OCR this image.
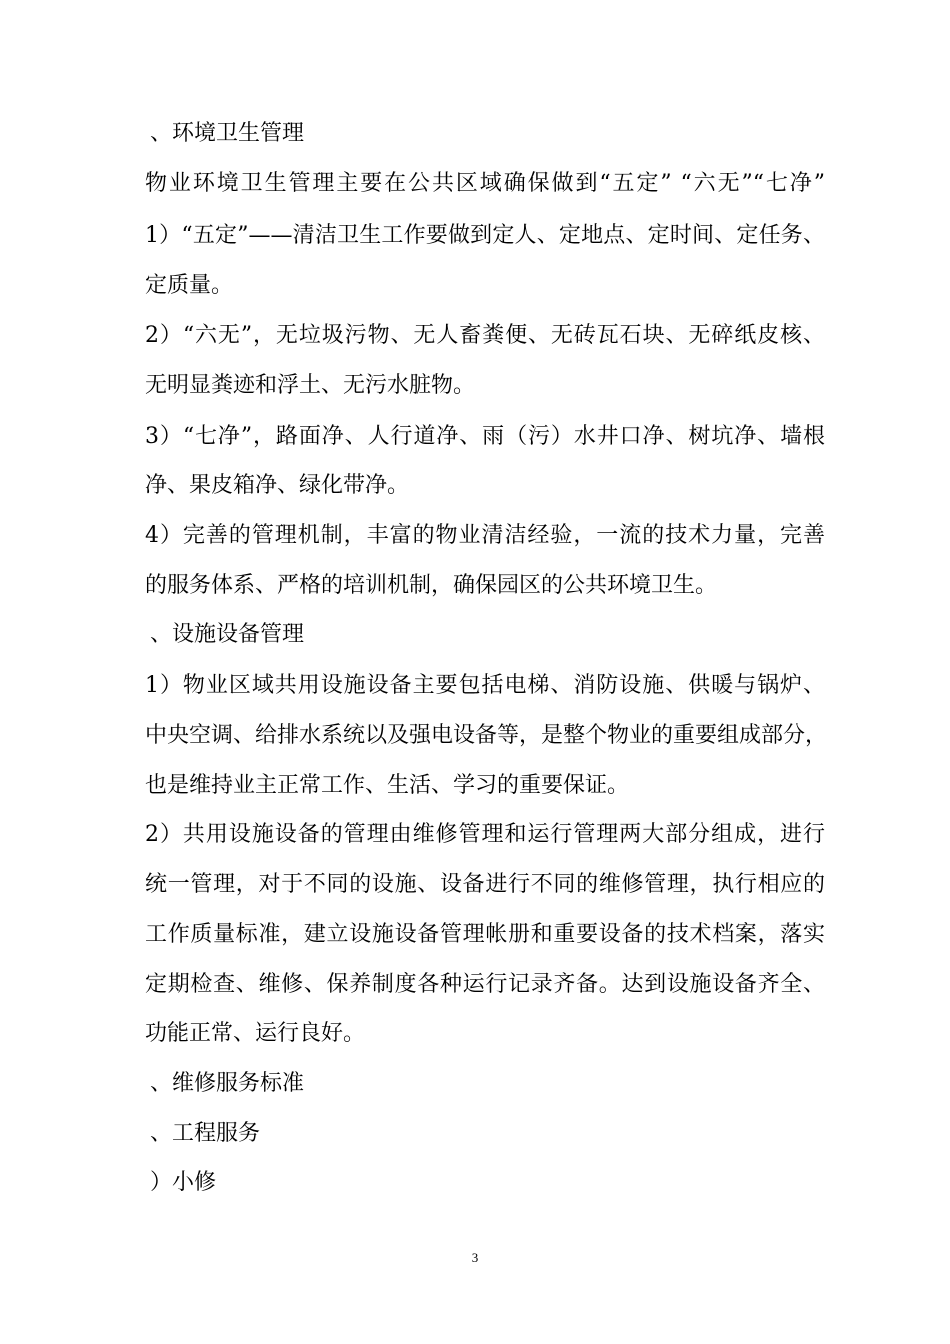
、环境卫生管理
物业环境卫生管理主要在公共区域确保做到“五定” “六无”“七净”
1）“五定”——清洁卫生工作要做到定人、定地点、定时间、定任务、
定质量。
2）“六无”，无垃圾污物、无人畜粪便、无砖瓦石块、无碎纸皮核、
无明显粪迹和浮土、无污水脏物。
3）“七净”，路面净、人行道净、雨（污）水井口净、树坑净、墙根
净、果皮箱净、绿化带净。
4）完善的管理机制，丰富的物业清洁经验，一流的技术力量，完善
的服务体系、严格的培训机制，确保园区的公共环境卫生。
、设施设备管理
1）物业区域共用设施设备主要包括电梯、消防设施、供暖与锅炉、
中央空调、给排水系统以及强电设备等，是整个物业的重要组成部分，
也是维持业主正常工作、生活、学习的重要保证。
2）共用设施设备的管理由维修管理和运行管理两大部分组成，进行
统一管理，对于不同的设施、设备进行不同的维修管理，执行相应的
工作质量标准，建立设施设备管理帐册和重要设备的技术档案，落实
定期检查、维修、保养制度各种运行记录齐备。达到设施设备齐全、
功能正常、运行良好。
、维修服务标准
、工程服务
）小修
3
